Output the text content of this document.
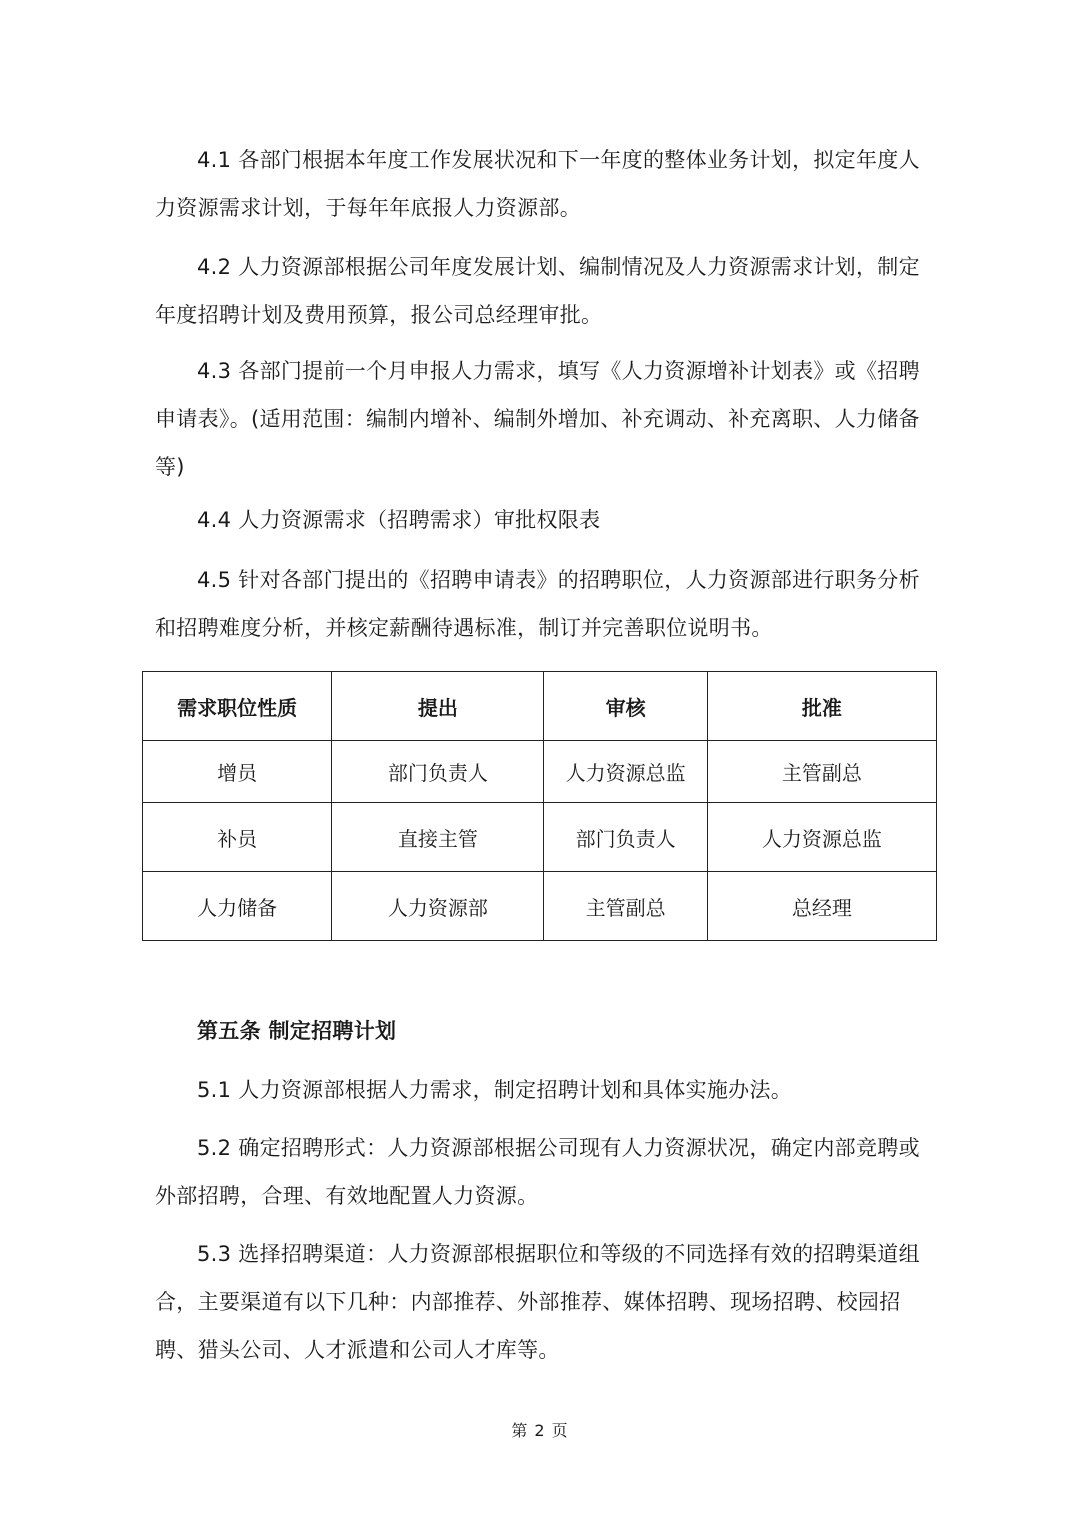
4.1 各部门根据本年度工作发展状况和下一年度的整体业务计划，拟定年度人力资源需求计划，于每年年底报人力资源部。

4.2 人力资源部根据公司年度发展计划、编制情况及人力资源需求计划，制定年度招聘计划及费用预算，报公司总经理审批。

4.3 各部门提前一个月申报人力需求，填写《人力资源增补计划表》或《招聘申请表》。(适用范围：编制内增补、编制外增加、补充调动、补充离职、人力储备等)

4.4 人力资源需求（招聘需求）审批权限表

4.5 针对各部门提出的《招聘申请表》的招聘职位，人力资源部进行职务分析和招聘难度分析，并核定薪酬待遇标准，制订并完善职位说明书。

需求职位性质	提出	审核	批准
增员	部门负责人	人力资源总监	主管副总
补员	直接主管	部门负责人	人力资源总监
人力储备	人力资源部	主管副总	总经理

第五条 制定招聘计划

5.1 人力资源部根据人力需求，制定招聘计划和具体实施办法。

5.2 确定招聘形式：人力资源部根据公司现有人力资源状况，确定内部竞聘或外部招聘，合理、有效地配置人力资源。

5.3 选择招聘渠道：人力资源部根据职位和等级的不同选择有效的招聘渠道组合，主要渠道有以下几种：内部推荐、外部推荐、媒体招聘、现场招聘、校园招聘、猎头公司、人才派遣和公司人才库等。

第 2 页
